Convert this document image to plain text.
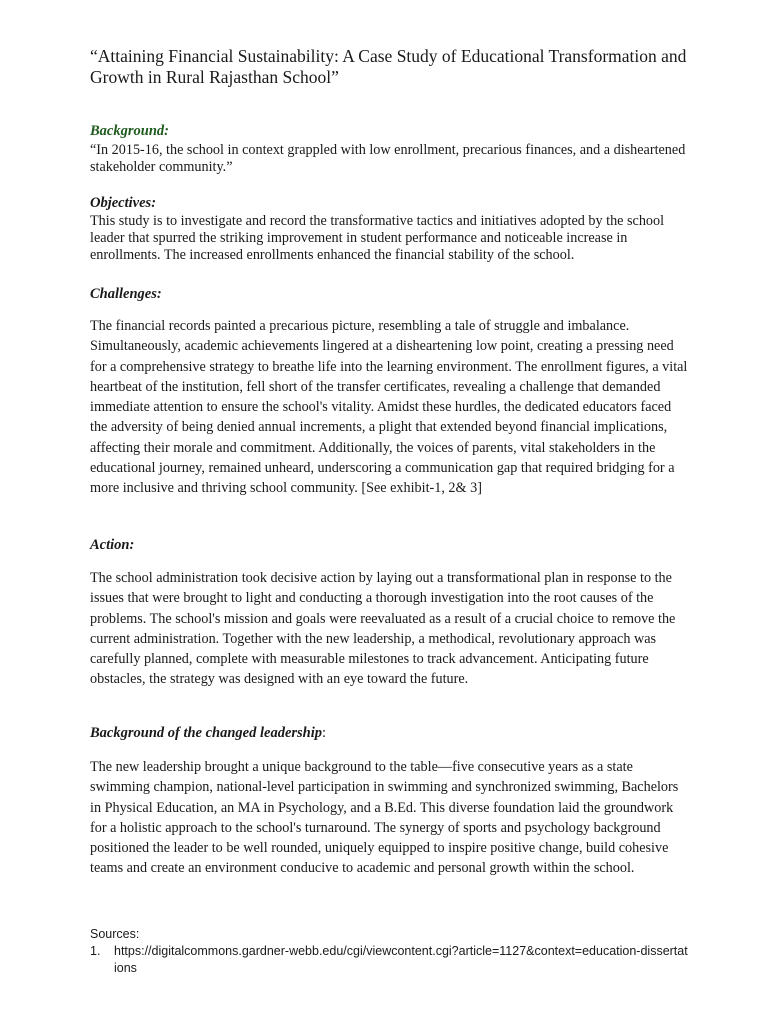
“Attaining Financial Sustainability: A Case Study of Educational Transformation and Growth in Rural Rajasthan School”
Background:

“In 2015-16, the school in context grappled with low enrollment, precarious finances, and a disheartened stakeholder community.”

Objectives:

This study is to investigate and record the transformative tactics and initiatives adopted by the school leader that spurred the striking improvement in student performance and noticeable increase in enrollments. The increased enrollments enhanced the financial stability of the school.

Challenges:

The financial records painted a precarious picture, resembling a tale of struggle and imbalance. Simultaneously, academic achievements lingered at a disheartening low point, creating a pressing need for a comprehensive strategy to breathe life into the learning environment. The enrollment figures, a vital heartbeat of the institution, fell short of the transfer certificates, revealing a challenge that demanded immediate attention to ensure the school's vitality. Amidst these hurdles, the dedicated educators faced the adversity of being denied annual increments, a plight that extended beyond financial implications, affecting their morale and commitment. Additionally, the voices of parents, vital stakeholders in the educational journey, remained unheard, underscoring a communication gap that required bridging for a more inclusive and thriving school community. [See exhibit-1, 2& 3]

Action:

The school administration took decisive action by laying out a transformational plan in response to the issues that were brought to light and conducting a thorough investigation into the root causes of the problems. The school's mission and goals were reevaluated as a result of a crucial choice to remove the current administration. Together with the new leadership, a methodical, revolutionary approach was carefully planned, complete with measurable milestones to track advancement. Anticipating future obstacles, the strategy was designed with an eye toward the future.

Background of the changed leadership:

The new leadership brought a unique background to the table—five consecutive years as a state swimming champion, national-level participation in swimming and synchronized swimming, Bachelors in Physical Education, an MA in Psychology, and a B.Ed. This diverse foundation laid the groundwork for a holistic approach to the school's turnaround. The synergy of sports and psychology background positioned the leader to be well rounded, uniquely equipped to inspire positive change, build cohesive teams and create an environment conducive to academic and personal growth within the school.

Sources:

1.	https://digitalcommons.gardner-webb.edu/cgi/viewcontent.cgi?article=1127&context=education-dissertations
